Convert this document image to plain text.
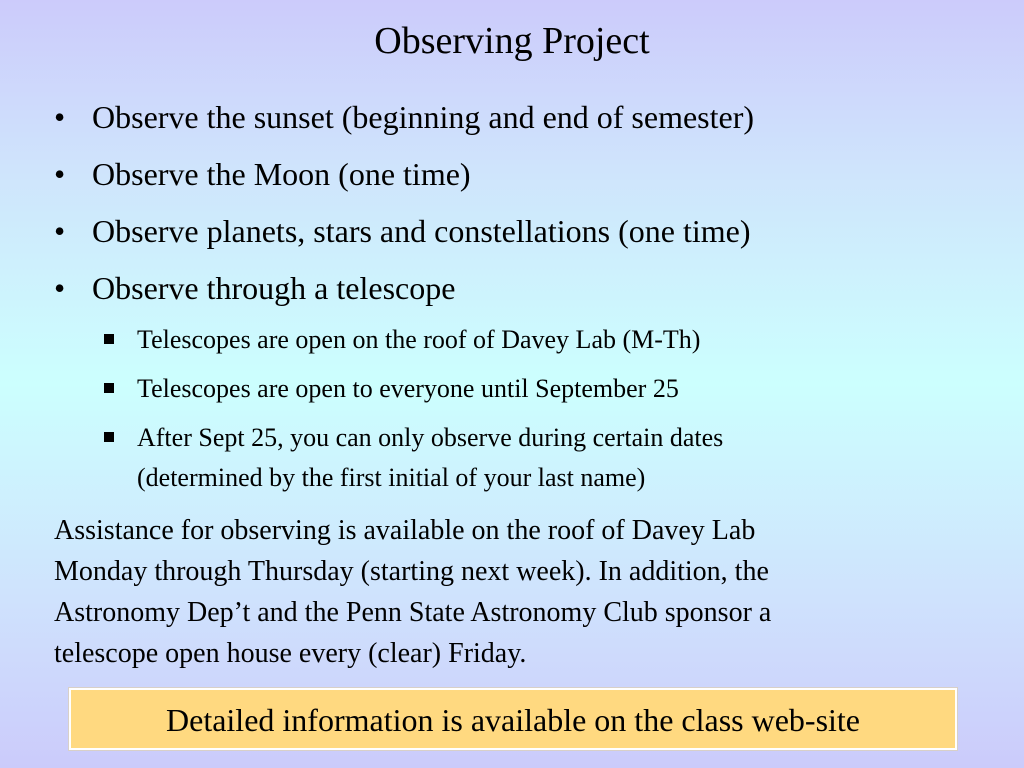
Observing Project
• Observe the sunset (beginning and end of semester)
• Observe the Moon (one time)
• Observe planets, stars and constellations (one time)
• Observe through a telescope
Telescopes are open on the roof of Davey Lab (M-Th)
Telescopes are open to everyone until September 25
After Sept 25, you can only observe during certain dates
(determined by the first initial of your last name)

Assistance for observing is available on the roof of Davey Lab
Monday through Thursday (starting next week). In addition, the
Astronomy Dep’t and the Penn State Astronomy Club sponsor a
telescope open house every (clear) Friday.

Detailed information is available on the class web-site
